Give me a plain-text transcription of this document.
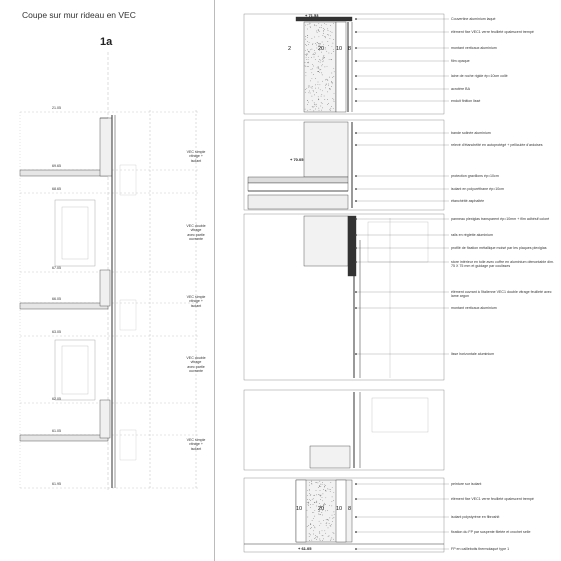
Coupe sur mur rideau en VEC
1a
21.05
69.65
68.65
67.05
66.05
63.05
62.05
61.05
61.95
VEC simple
vitrage +
isolant
VEC double
vitrage
avec partie
ouvrante
VEC simple
vitrage +
isolant
VEC double
vitrage
avec partie
ouvrante
VEC simple
vitrage +
isolant
+ 71.53
+ 70.05
+ 61.05
2	20 10 8
10	20 10 8
Couvertine aluminium laqué
élément fixe VEC1 verre feuilleté opalescent trempé
montant verticaux aluminium
film opaque
laine de roche rigide ép=10cm collé
acrotère BA
enduit finition lissé
bande solinée aluminium
relevé d'étanchéité en autoprotégé + pelliculée d'ardoises
protection gravillons ép=10cm
isolant en polyuréthane ép=10cm
étanchéité asphaltée
panneau plexiglas transparent ép=10mm + film adhésif coloré
rails en réglette aluminium
profilé de fixation métallique moisé par les plaques plexiglas
store intérieur en toile avec coffre en aluminium démontable dim. 75 X 75 mm et guidage par coulisses
élément ouvrant à l'italienne VEC1 double vitrage feuilleté avec lame argon
montant verticaux aluminium
lisse horizontale aluminium
peinture sur isolant
élément fixe VEC1 verre feuilleté opalescent trempé
isolant polystyrène en fibroshit
fixation du FP par suspente filetée et crochet selle
FP en caillebotis thermolaqué type 1
